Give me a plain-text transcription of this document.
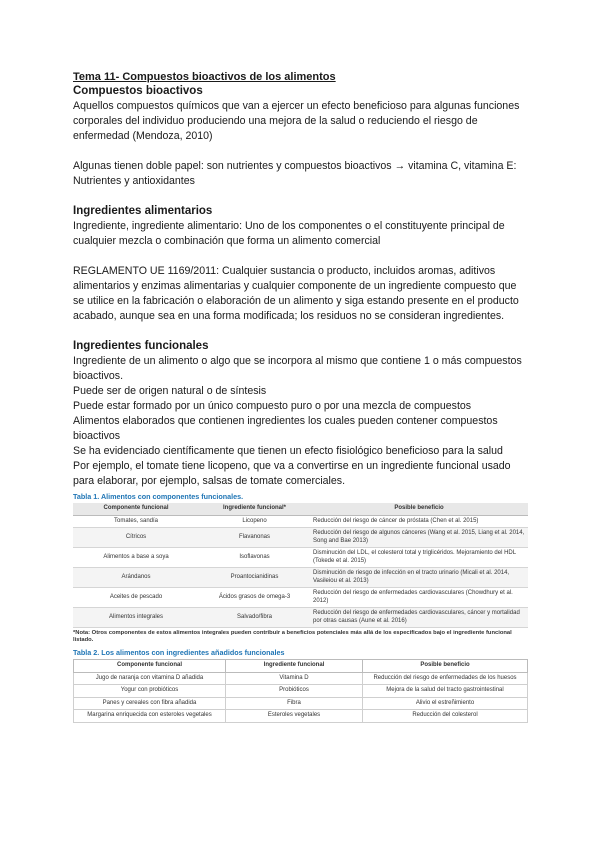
Tema 11- Compuestos bioactivos de los alimentos
Compuestos bioactivos

Aquellos compuestos químicos que van a ejercer un efecto beneficioso para algunas funciones corporales del individuo produciendo una mejora de la salud o reduciendo el riesgo de enfermedad (Mendoza, 2010)

Algunas tienen doble papel: son nutrientes y compuestos bioactivos → vitamina C, vitamina E: Nutrientes y antioxidantes

Ingredientes alimentarios

Ingrediente, ingrediente alimentario: Uno de los componentes o el constituyente principal de cualquier mezcla o combinación que forma un alimento comercial

REGLAMENTO UE 1169/2011: Cualquier sustancia o producto, incluidos aromas, aditivos alimentarios y enzimas alimentarias y cualquier componente de un ingrediente compuesto que se utilice en la fabricación o elaboración de un alimento y siga estando presente en el producto acabado, aunque sea en una forma modificada; los residuos no se consideran ingredientes.

Ingredientes funcionales

Ingrediente de un alimento o algo que se incorpora al mismo que contiene 1 o más compuestos bioactivos.

Puede ser de origen natural o de síntesis

Puede estar formado por un único compuesto puro o por una mezcla de compuestos

Alimentos elaborados que contienen ingredientes los cuales pueden contener compuestos bioactivos

Se ha evidenciado científicamente que tienen un efecto fisiológico beneficioso para la salud

Por ejemplo, el tomate tiene licopeno, que va a convertirse en un ingrediente funcional usado para elaborar, por ejemplo, salsas de tomate comerciales.

Tabla 1. Alimentos con componentes funcionales.
Componente funcional	Ingrediente funcional*	Posible beneficio
Tomates, sandía	Licopeno	Reducción del riesgo de cáncer de próstata (Chen et al. 2015)
Cítricos	Flavanonas	Reducción del riesgo de algunos cánceres (Wang et al. 2015, Liang et al. 2014, Song and Bae 2013)
Alimentos a base a soya	Isoflavonas	Disminución del LDL, el colesterol total y triglicéridos. Mejoramiento del HDL (Tokede et al. 2015)
Arándanos	Proantocianidinas	Disminución de riesgo de infección en el tracto urinario (Micali et al. 2014, Vasileiou et al. 2013)
Aceites de pescado	Ácidos grasos de omega-3	Reducción del riesgo de enfermedades cardiovasculares (Chowdhury et al. 2012)
Alimentos integrales	Salvado/fibra	Reducción del riesgo de enfermedades cardiovasculares, cáncer y mortalidad por otras causas (Aune et al. 2016)
*Nota: Otros componentes de estos alimentos integrales pueden contribuir a beneficios potenciales más allá de los especificados bajo el ingrediente funcional listado.
Tabla 2. Los alimentos con ingredientes añadidos funcionales
Componente funcional	Ingrediente funcional	Posible beneficio
Jugo de naranja con vitamina D añadida	Vitamina D	Reducción del riesgo de enfermedades de los huesos
Yogur con probióticos	Probióticos	Mejora de la salud del tracto gastrointestinal
Panes y cereales con fibra añadida	Fibra	Alivio el estreñimiento
Margarina enriquecida con esteroles vegetales	Esteroles vegetales	Reducción del colesterol
